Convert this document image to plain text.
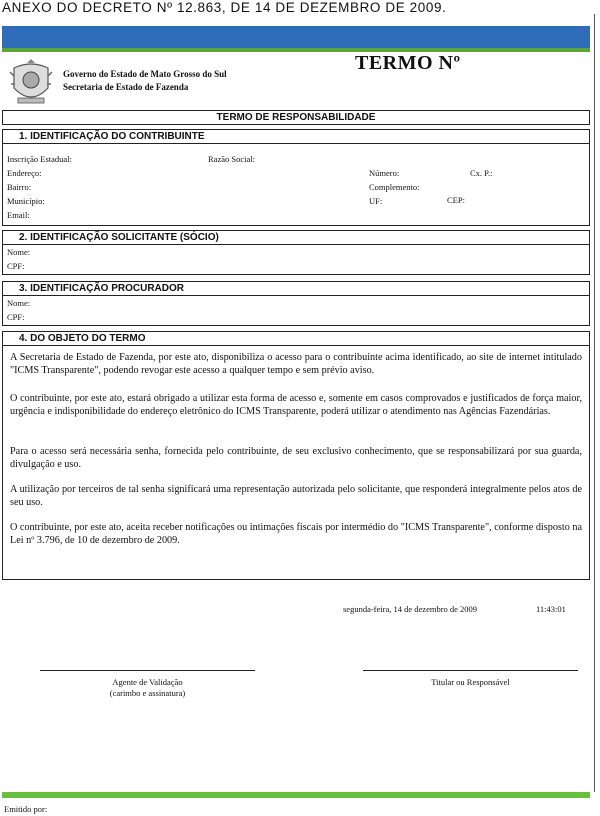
ANEXO DO DECRETO Nº 12.863, DE 14 DE DEZEMBRO DE 2009.
Governo do Estado de Mato Grosso do Sul
Secretaria de Estado de Fazenda
TERMO Nº
TERMO DE RESPONSABILIDADE
1. IDENTIFICAÇÃO DO CONTRIBUINTE
Inscrição Estadual:	Razão Social:
Endereço:	Número:	Cx. P.:
Bairro:	Complemento:
Município:	UF:	CEP:
Email:
2. IDENTIFICAÇÃO SOLICITANTE (SÓCIO)
Nome:
CPF:
3. IDENTIFICAÇÃO PROCURADOR
Nome:
CPF:
4. DO OBJETO DO TERMO
A Secretaria de Estado de Fazenda, por este ato, disponibiliza o acesso para o contribuinte acima identificado, ao site de internet intitulado "ICMS Transparente", podendo revogar este acesso a qualquer tempo e sem prévio aviso.
O contribuinte, por este ato, estará obrigado a utilizar esta forma de acesso e, somente em casos comprovados e justificados de força maior, urgência e indisponibilidade do endereço eletrônico do ICMS Transparente, poderá utilizar o atendimento nas Agências Fazendárias.
Para o acesso será necessária senha, fornecida pelo contribuinte, de seu exclusivo conhecimento, que se responsabilizará por sua guarda, divulgação e uso.
A utilização por terceiros de tal senha significará uma representação autorizada pelo solicitante, que responderá integralmente pelos atos de seu uso.
O contribuinte, por este ato, aceita receber notificações ou intimações fiscais por intermédio do "ICMS Transparente", conforme disposto na Lei nº 3.796, de 10 de dezembro de 2009.
segunda-feira, 14 de dezembro de 2009	11:43:01
Agente de Validação
(carimbo e assinatura)
Titular ou Responsável
Emitido por:
